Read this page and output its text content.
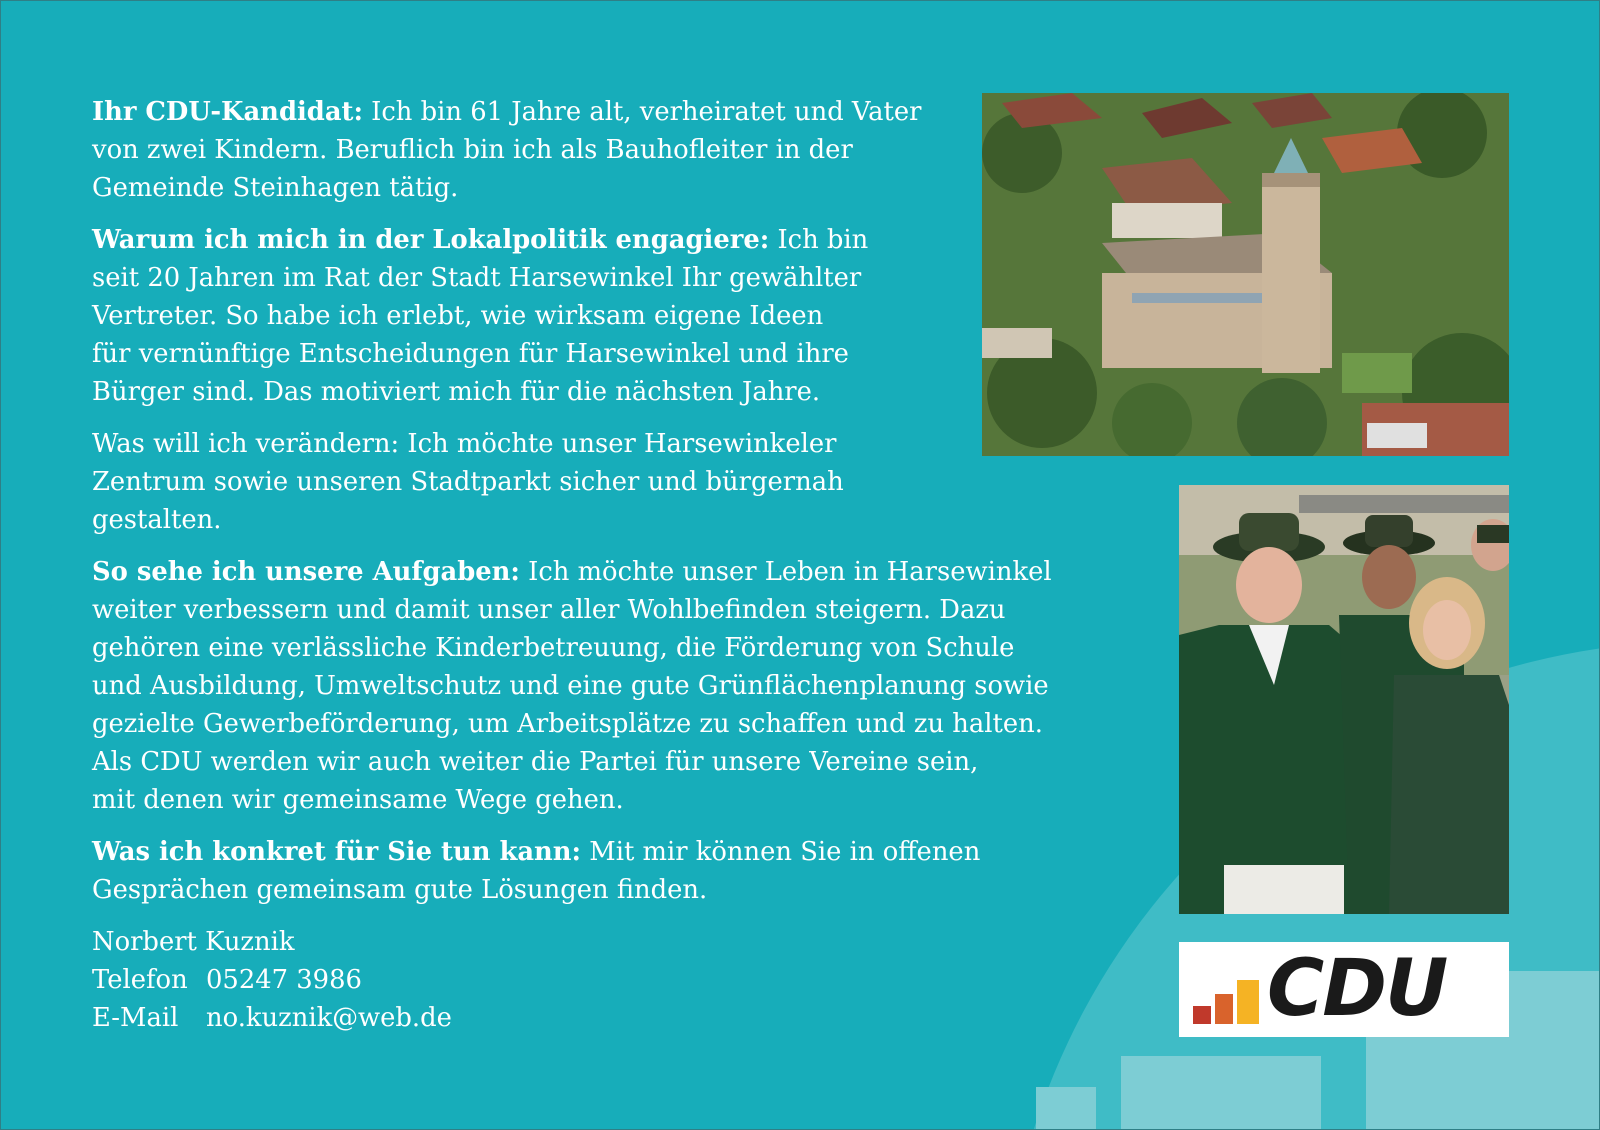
Ihr CDU-Kandidat: Ich bin 61 Jahre alt, verheiratet und Vater
von zwei Kindern. Beruflich bin ich als Bauhofleiter in der
Gemeinde Steinhagen tätig.
Warum ich mich in der Lokalpolitik engagiere: Ich bin
seit 20 Jahren im Rat der Stadt Harsewinkel Ihr gewählter
Vertreter. So habe ich erlebt, wie wirksam eigene Ideen
für vernünftige Entscheidungen für Harsewinkel und ihre
Bürger sind. Das motiviert mich für die nächsten Jahre.
Was will ich verändern: Ich möchte unser Harsewinkeler
Zentrum sowie unseren Stadtparkt sicher und bürgernah
gestalten.
So sehe ich unsere Aufgaben: Ich möchte unser Leben in Harsewinkel
weiter verbessern und damit unser aller Wohlbefinden steigern. Dazu
gehören eine verlässliche Kinderbetreuung, die Förderung von Schule
und Ausbildung, Umweltschutz und eine gute Grünflächenplanung sowie
gezielte Gewerbeförderung, um Arbeitsplätze zu schaffen und zu halten.
Als CDU werden wir auch weiter die Partei für unsere Vereine sein,
mit denen wir gemeinsame Wege gehen.
Was ich konkret für Sie tun kann: Mit mir können Sie in offenen
Gesprächen gemeinsam gute Lösungen finden.
Norbert Kuznik
Telefon 05247 3986
E-Mail	no.kuznik@web.de	CDU
